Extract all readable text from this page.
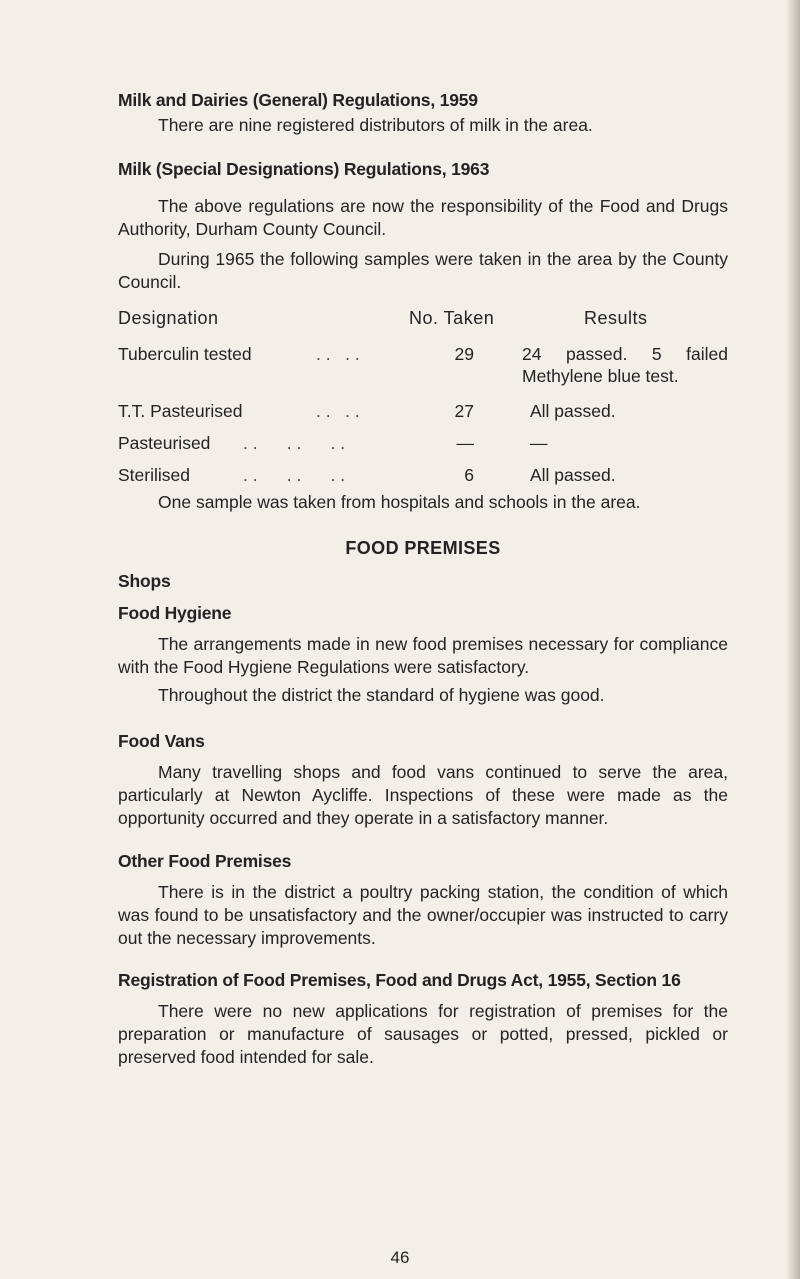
Milk and Dairies (General) Regulations, 1959
There are nine registered distributors of milk in the area.
Milk (Special Designations) Regulations, 1963
The above regulations are now the responsibility of the Food and Drugs Authority, Durham County Council.
During 1965 the following samples were taken in the area by the County Council.
Designation	No. Taken	Results
Tuberculin tested	. .   . .	29	24 passed. 5 failed
Methylene blue test.
T.T. Pasteurised	. .   . .	27	All passed.
Pasteurised . .      . .      . .	—	—
Sterilised	. .      . .      . .	6	All passed.
One sample was taken from hospitals and schools in the area.
FOOD PREMISES
Shops
Food Hygiene
The arrangements made in new food premises necessary for compliance with the Food Hygiene Regulations were satisfactory.
Throughout the district the standard of hygiene was good.
Food Vans
Many travelling shops and food vans continued to serve the area, particularly at Newton Aycliffe. Inspections of these were made as the opportunity occurred and they operate in a satisfactory manner.
Other Food Premises
There is in the district a poultry packing station, the condition of which was found to be unsatisfactory and the owner/occupier was instructed to carry out the necessary improvements.
Registration of Food Premises, Food and Drugs Act, 1955, Section 16
There were no new applications for registration of premises for the preparation or manufacture of sausages or potted, pressed, pickled or preserved food intended for sale.
46
